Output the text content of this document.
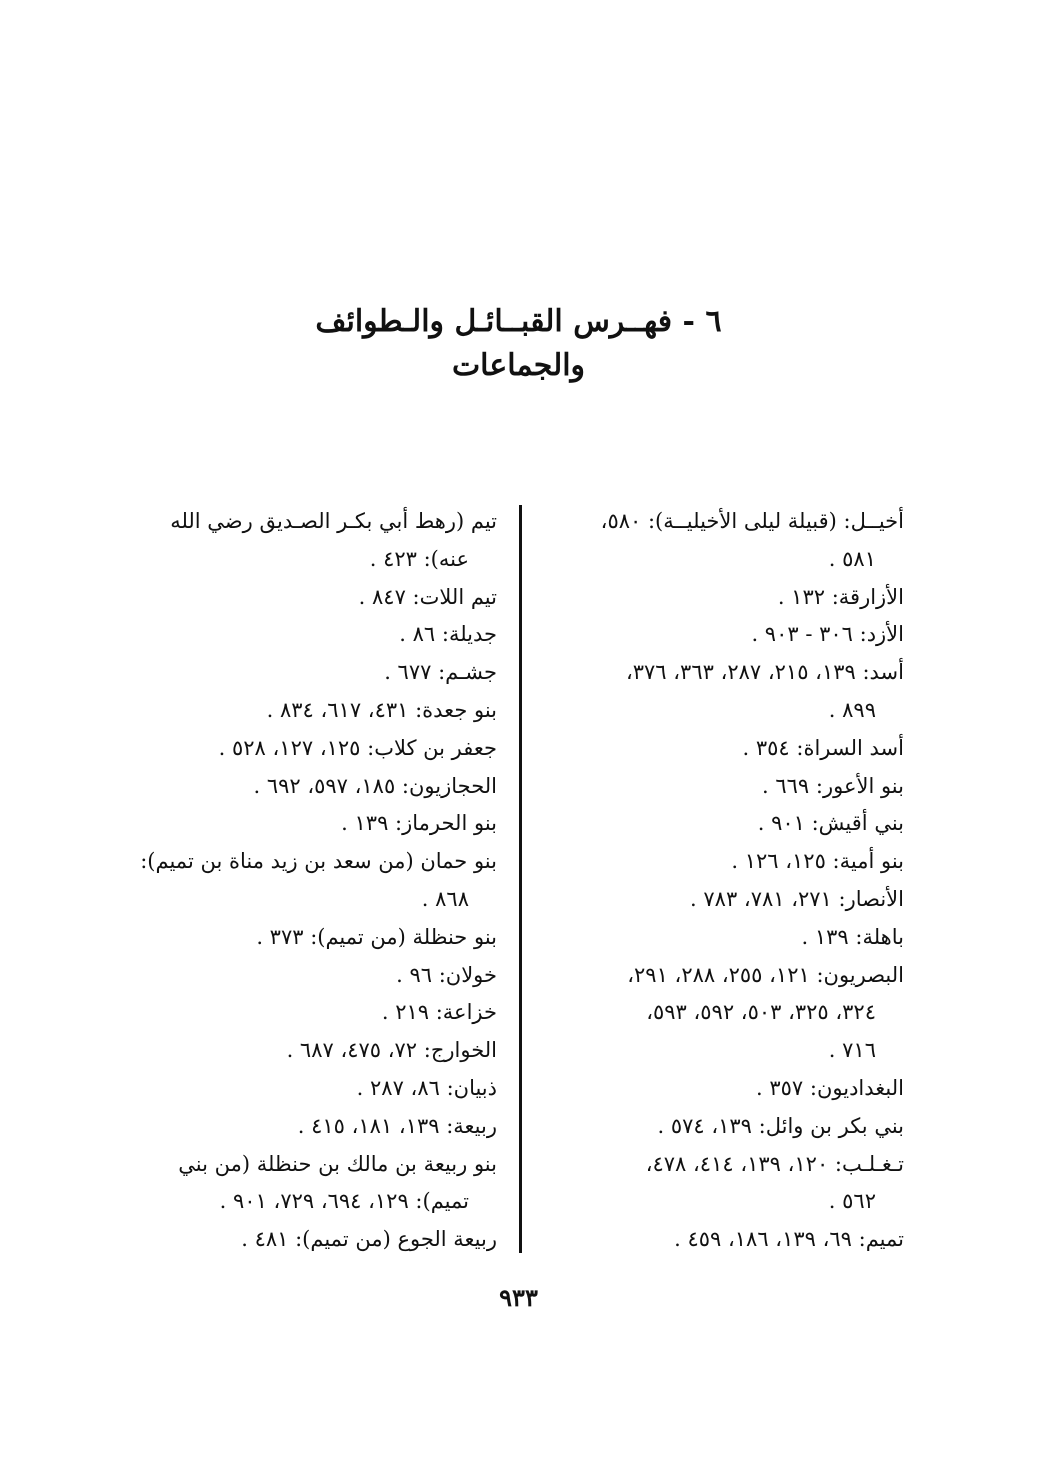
٦ - فهــرس القبــائـل والـطوائف
والجماعات
أخيــل: (قبيلة ليلى الأخيليــة): ٥٨٠،
٥٨١ .
الأزارقة: ١٣٢ .
الأزد: ٣٠٦ - ٩٠٣ .
أسد: ١٣٩، ٢١٥، ٢٨٧، ٣٦٣، ٣٧٦،
٨٩٩ .
أسد السراة: ٣٥٤ .
بنو الأعور: ٦٦٩ .
بني أقيش: ٩٠١ .
بنو أمية: ١٢٥، ١٢٦ .
الأنصار: ٢٧١، ٧٨١، ٧٨٣ .
باهلة: ١٣٩ .
البصريون: ١٢١، ٢٥٥، ٢٨٨، ٢٩١،
٣٢٤، ٣٢٥، ٥٠٣، ٥٩٢، ٥٩٣،
٧١٦ .
البغداديون: ٣٥٧ .
بني بكر بن وائل: ١٣٩، ٥٧٤ .
تـغـلـب: ١٢٠، ١٣٩، ٤١٤، ٤٧٨،
٥٦٢ .
تميم: ٦٩، ١٣٩، ١٨٦، ٤٥٩ .
تيم (رهط أبي بكـر الصـديق رضي الله
عنه): ٤٢٣ .
تيم اللات: ٨٤٧ .
جديلة: ٨٦ .
جشـم: ٦٧٧ .
بنو جعدة: ٤٣١، ٦١٧، ٨٣٤ .
جعفر بن كلاب: ١٢٥، ١٢٧، ٥٢٨ .
الحجازيون: ١٨٥، ٥٩٧، ٦٩٢ .
بنو الحرماز: ١٣٩ .
بنو حمان (من سعد بن زيد مناة بن تميم):
٨٦٨ .
بنو حنظلة (من تميم): ٣٧٣ .
خولان: ٩٦ .
خزاعة: ٢١٩ .
الخوارج: ٧٢، ٤٧٥، ٦٨٧ .
ذبيان: ٨٦، ٢٨٧ .
ربيعة: ١٣٩، ١٨١، ٤١٥ .
بنو ربيعة بن مالك بن حنظلة (من بني
تميم): ١٢٩، ٦٩٤، ٧٢٩، ٩٠١ .
ربيعة الجوع (من تميم): ٤٨١ .
٩٣٣
